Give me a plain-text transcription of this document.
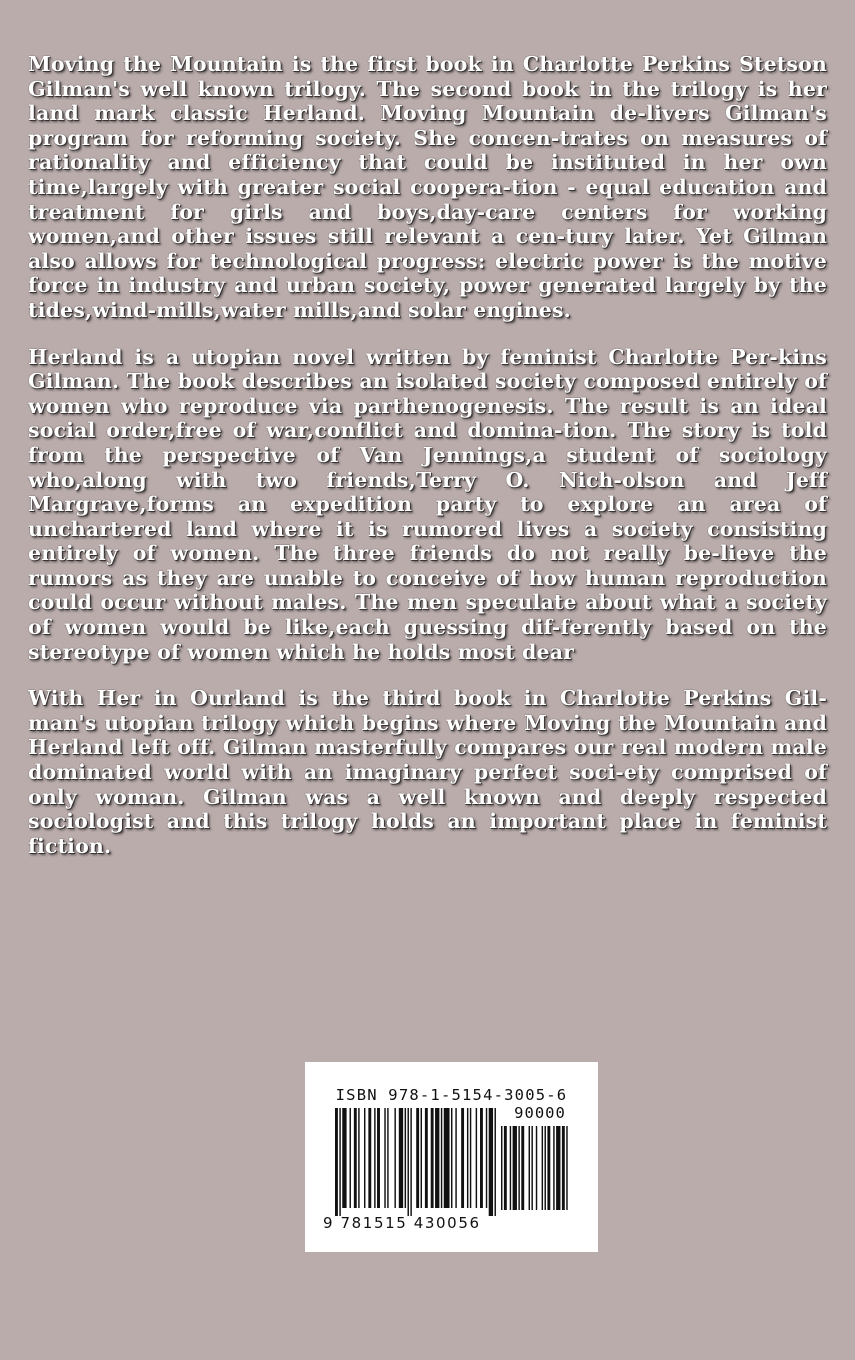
Moving the Mountain is the first book in Charlotte Perkins Stetson Gilman's well known trilogy. The second book in the trilogy is her land mark classic Herland. Moving Mountain de-livers Gilman's program for reforming society. She concen-trates on measures of rationality and efficiency that could be instituted in her own time,largely with greater social coopera-tion - equal education and treatment for girls and boys,day-care centers for working women,and other issues still relevant a cen-tury later. Yet Gilman also allows for technological progress: electric power is the motive force in industry and urban society, power generated largely by the tides,wind-mills,water mills,and solar engines.

Herland is a utopian novel written by feminist Charlotte Per-kins Gilman. The book describes an isolated society composed entirely of women who reproduce via parthenogenesis. The result is an ideal social order,free of war,conflict and domina-tion. The story is told from the perspective of Van Jennings,a student of sociology who,along with two friends,Terry O. Nich-olson and Jeff Margrave,forms an expedition party to explore an area of unchartered land where it is rumored lives a society consisting entirely of women. The three friends do not really be-lieve the rumors as they are unable to conceive of how human reproduction could occur without males. The men speculate about what a society of women would be like,each guessing dif-ferently based on the stereotype of women which he holds most dear

With Her in Ourland is the third book in Charlotte Perkins Gil-man's utopian trilogy which begins where Moving the Mountain and Herland left off. Gilman masterfully compares our real modern male dominated world with an imaginary perfect soci-ety comprised of only woman. Gilman was a well known and deeply respected sociologist and this trilogy holds an important place in feminist fiction.

ISBN 978-1-5154-3005-6
90000
9 781515 430056
